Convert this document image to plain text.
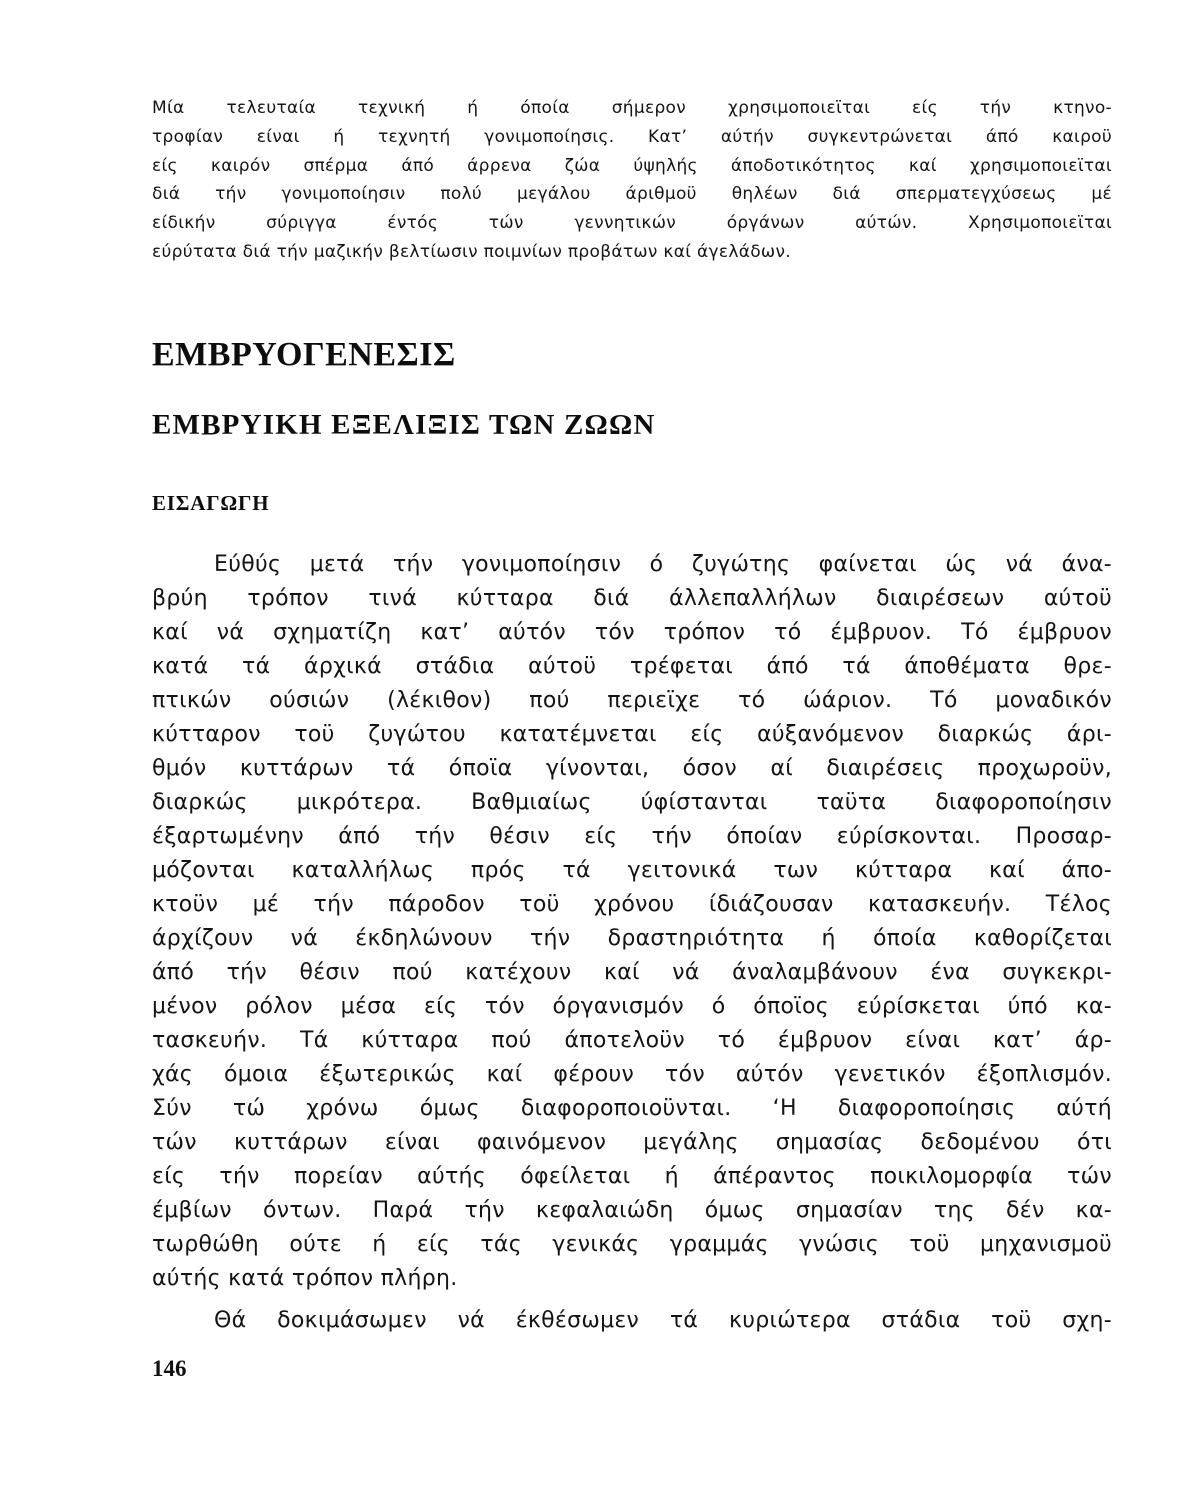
Μία τελευταία τεχνική ή όποία σήμερον χρησιμοποιεϊται είς τήν κτηνο-
τροφίαν είναι ή τεχνητή γονιμοποίησις. Κατ’ αύτήν συγκεντρώνεται άπό καιροϋ
είς καιρόν σπέρμα άπό άρρενα ζώα ύψηλής άποδοτικότητος καί χρησιμοποιεϊται
διά τήν γονιμοποίησιν πολύ μεγάλου άριθμοϋ θηλέων διά σπερματεγχύσεως μέ
είδικήν σύριγγα έντός τών γεννητικών όργάνων αύτών. Χρησιμοποιεϊται
εύρύτατα διά τήν μαζικήν βελτίωσιν ποιμνίων προβάτων καί άγελάδων.
ΕΜΒΡΥΟΓΕΝΕΣΙΣ
ΕΜΒΡΥΙΚΗ ΕΞΕΛΙΞΙΣ ΤΩΝ ΖΩΩΝ
ΕΙΣΑΓΩΓΗ
Εύθύς μετά τήν γονιμοποίησιν ό ζυγώτης φαίνεται ώς νά άνα-
βρύη τρόπον τινά κύτταρα διά άλλεπαλλήλων διαιρέσεων αύτοϋ
καί νά σχηματίζη κατ’ αύτόν τόν τρόπον τό έμβρυον. Τό έμβρυον
κατά τά άρχικά στάδια αύτοϋ τρέφεται άπό τά άποθέματα θρε-
πτικών ούσιών (λέκιθον) πού περιεϊχε τό ώάριον. Τό μοναδικόν
κύτταρον τοϋ ζυγώτου κατατέμνεται είς αύξανόμενον διαρκώς άρι-
θμόν κυττάρων τά όποϊα γίνονται, όσον αί διαιρέσεις προχωροϋν,
διαρκώς μικρότερα. Βαθμιαίως ύφίστανται ταϋτα διαφοροποίησιν
έξαρτωμένην άπό τήν θέσιν είς τήν όποίαν εύρίσκονται. Προσαρ-
μόζονται καταλλήλως πρός τά γειτονικά των κύτταρα καί άπο-
κτοϋν μέ τήν πάροδον τοϋ χρόνου ίδιάζουσαν κατασκευήν. Τέλος
άρχίζουν νά έκδηλώνουν τήν δραστηριότητα ή όποία καθορίζεται
άπό τήν θέσιν πού κατέχουν καί νά άναλαμβάνουν ένα συγκεκρι-
μένον ρόλον μέσα είς τόν όργανισμόν ό όποϊος εύρίσκεται ύπό κα-
τασκευήν. Τά κύτταρα πού άποτελοϋν τό έμβρυον είναι κατ’ άρ-
χάς όμοια έξωτερικώς καί φέρουν τόν αύτόν γενετικόν έξοπλισμόν.
Σύν τώ χρόνω όμως διαφοροποιοϋνται. ‘Η διαφοροποίησις αύτή
τών κυττάρων είναι φαινόμενον μεγάλης σημασίας δεδομένου ότι
είς τήν πορείαν αύτής όφείλεται ή άπέραντος ποικιλομορφία τών
έμβίων όντων. Παρά τήν κεφαλαιώδη όμως σημασίαν της δέν κα-
τωρθώθη ούτε ή είς τάς γενικάς γραμμάς γνώσις τοϋ μηχανισμοϋ
αύτής κατά τρόπον πλήρη.
Θά δοκιμάσωμεν νά έκθέσωμεν τά κυριώτερα στάδια τοϋ σχη-
146
